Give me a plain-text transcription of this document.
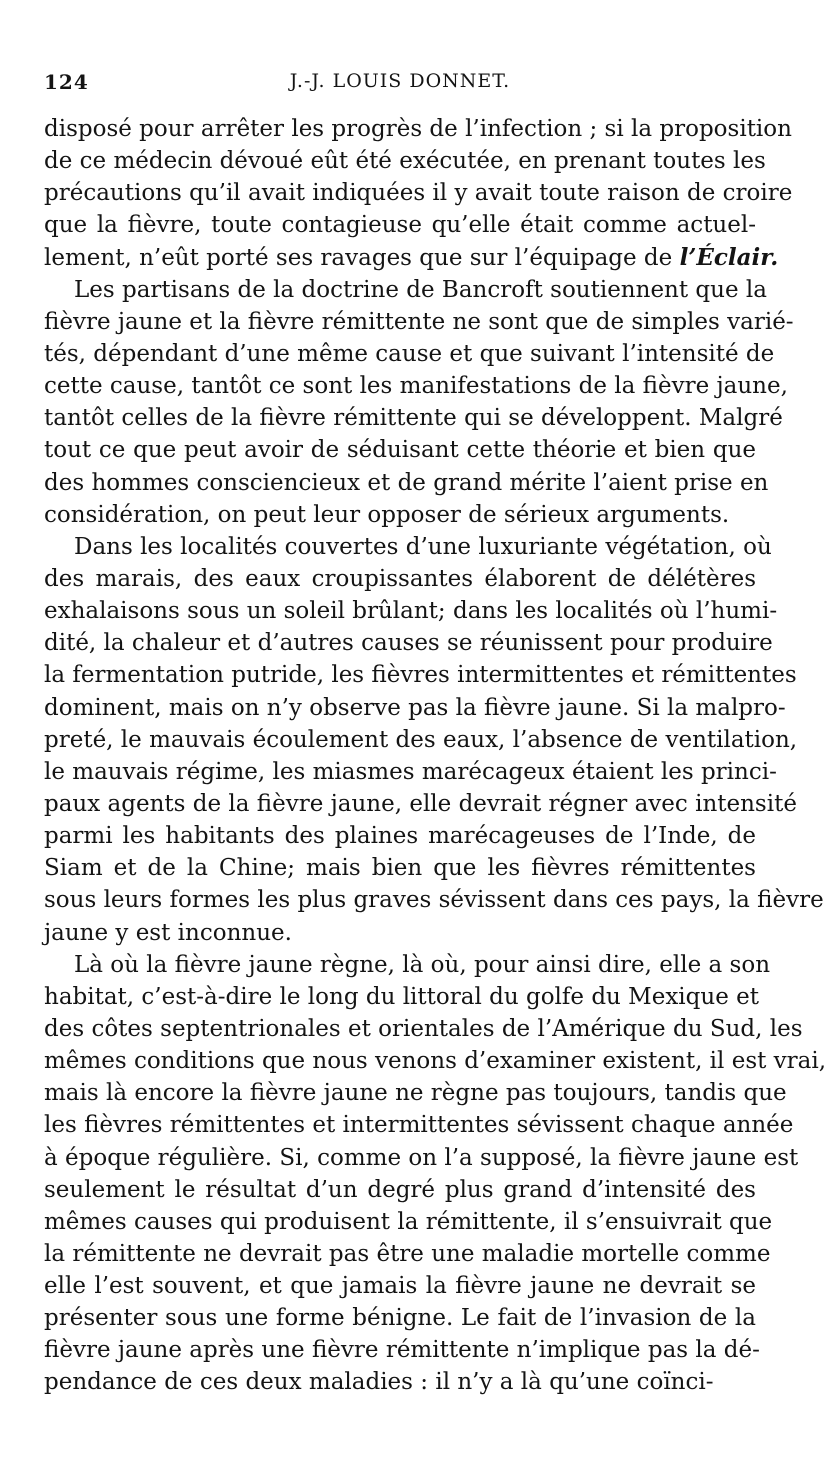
124	J.-J. LOUIS DONNET.
disposé pour arrêter les progrès de l’infection ; si la proposition
de ce médecin dévoué eût été exécutée, en prenant toutes les
précautions qu’il avait indiquées il y avait toute raison de croire
que la fièvre, toute contagieuse qu’elle était comme actuel-
lement, n’eût porté ses ravages que sur l’équipage de l’Éclair.
Les partisans de la doctrine de Bancroft soutiennent que la
fièvre jaune et la fièvre rémittente ne sont que de simples varié-
tés, dépendant d’une même cause et que suivant l’intensité de
cette cause, tantôt ce sont les manifestations de la fièvre jaune,
tantôt celles de la fièvre rémittente qui se développent. Malgré
tout ce que peut avoir de séduisant cette théorie et bien que
des hommes consciencieux et de grand mérite l’aient prise en
considération, on peut leur opposer de sérieux arguments.
Dans les localités couvertes d’une luxuriante végétation, où
des marais, des eaux croupissantes élaborent de délétères
exhalaisons sous un soleil brûlant; dans les localités où l’humi-
dité, la chaleur et d’autres causes se réunissent pour produire
la fermentation putride, les fièvres intermittentes et rémittentes
dominent, mais on n’y observe pas la fièvre jaune. Si la malpro-
preté, le mauvais écoulement des eaux, l’absence de ventilation,
le mauvais régime, les miasmes marécageux étaient les princi-
paux agents de la fièvre jaune, elle devrait régner avec intensité
parmi les habitants des plaines marécageuses de l’Inde, de
Siam et de la Chine; mais bien que les fièvres rémittentes
sous leurs formes les plus graves sévissent dans ces pays, la fièvre
jaune y est inconnue.
Là où la fièvre jaune règne, là où, pour ainsi dire, elle a son
habitat, c’est-à-dire le long du littoral du golfe du Mexique et
des côtes septentrionales et orientales de l’Amérique du Sud, les
mêmes conditions que nous venons d’examiner existent, il est vrai,
mais là encore la fièvre jaune ne règne pas toujours, tandis que
les fièvres rémittentes et intermittentes sévissent chaque année
à époque régulière. Si, comme on l’a supposé, la fièvre jaune est
seulement le résultat d’un degré plus grand d’intensité des
mêmes causes qui produisent la rémittente, il s’ensuivrait que
la rémittente ne devrait pas être une maladie mortelle comme
elle l’est souvent, et que jamais la fièvre jaune ne devrait se
présenter sous une forme bénigne. Le fait de l’invasion de la
fièvre jaune après une fièvre rémittente n’implique pas la dé-
pendance de ces deux maladies : il n’y a là qu’une coïnci-
